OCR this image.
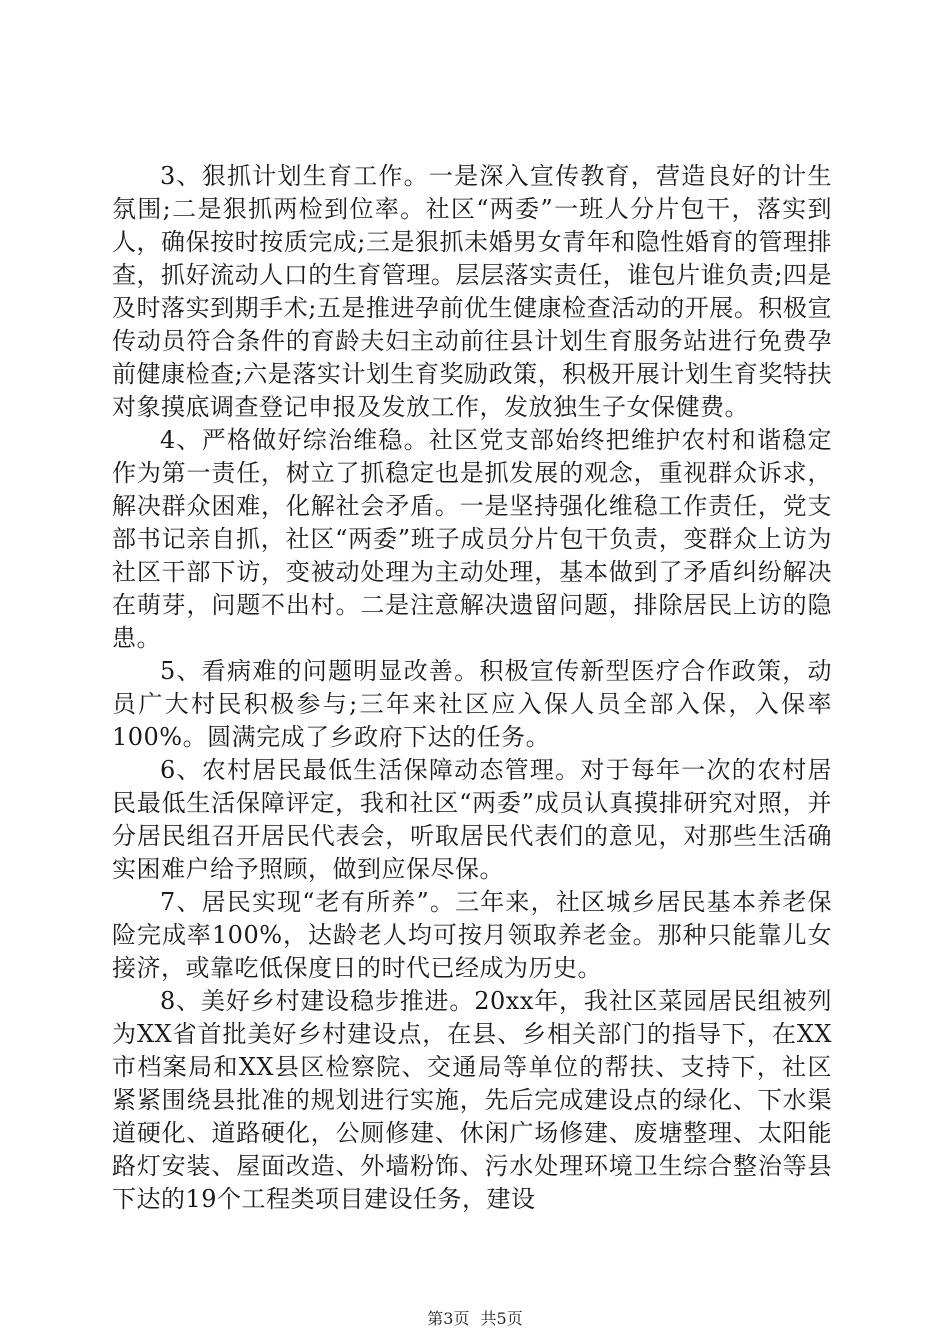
3、狠抓计划生育工作。一是深入宣传教育，营造良好的计生氛围;二是狠抓两检到位率。社区“两委”一班人分片包干，落实到人，确保按时按质完成;三是狠抓未婚男女青年和隐性婚育的管理排查，抓好流动人口的生育管理。层层落实责任，谁包片谁负责;四是及时落实到期手术;五是推进孕前优生健康检查活动的开展。积极宣传动员符合条件的育龄夫妇主动前往县计划生育服务站进行免费孕前健康检查;六是落实计划生育奖励政策，积极开展计划生育奖特扶对象摸底调查登记申报及发放工作，发放独生子女保健费。

4、严格做好综治维稳。社区党支部始终把维护农村和谐稳定作为第一责任，树立了抓稳定也是抓发展的观念，重视群众诉求，解决群众困难，化解社会矛盾。一是坚持强化维稳工作责任，党支部书记亲自抓，社区“两委”班子成员分片包干负责，变群众上访为社区干部下访，变被动处理为主动处理，基本做到了矛盾纠纷解决在萌芽，问题不出村。二是注意解决遗留问题，排除居民上访的隐患。

5、看病难的问题明显改善。积极宣传新型医疗合作政策，动员广大村民积极参与;三年来社区应入保人员全部入保，入保率100%。圆满完成了乡政府下达的任务。

6、农村居民最低生活保障动态管理。对于每年一次的农村居民最低生活保障评定，我和社区“两委”成员认真摸排研究对照，并分居民组召开居民代表会，听取居民代表们的意见，对那些生活确实困难户给予照顾，做到应保尽保。

7、居民实现“老有所养”。三年来，社区城乡居民基本养老保险完成率100%，达龄老人均可按月领取养老金。那种只能靠儿女接济，或靠吃低保度日的时代已经成为历史。

8、美好乡村建设稳步推进。20xx年，我社区菜园居民组被列为XX省首批美好乡村建设点，在县、乡相关部门的指导下，在XX市档案局和XX县区检察院、交通局等单位的帮扶、支持下，社区紧紧围绕县批准的规划进行实施，先后完成建设点的绿化、下水渠道硬化、道路硬化，公厕修建、休闲广场修建、废塘整理、太阳能路灯安装、屋面改造、外墙粉饰、污水处理环境卫生综合整治等县下达的19个工程类项目建设任务，建设

第3页 共5页
